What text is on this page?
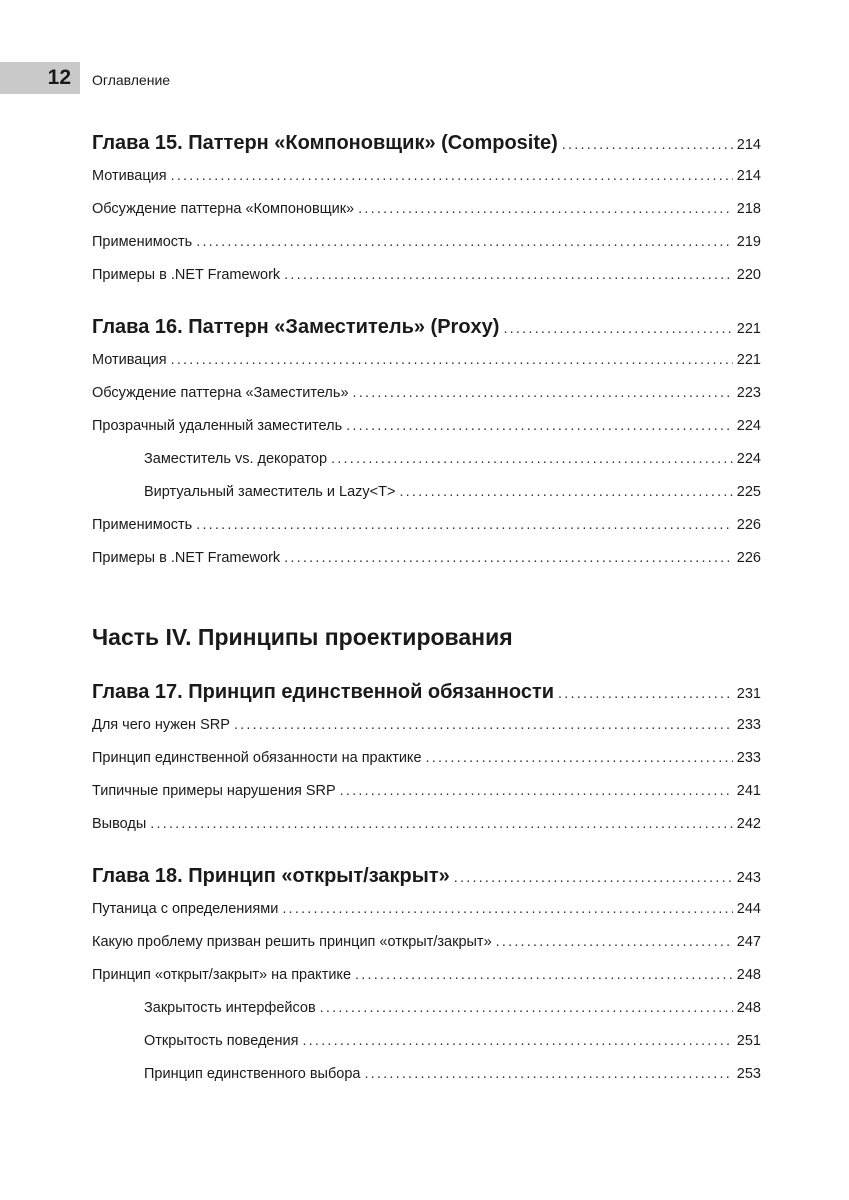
12	Оглавление
Глава 15. Паттерн «Компоновщик» (Composite) .....	214
Мотивация .....	214
Обсуждение паттерна «Компоновщик» .....	218
Применимость .....	219
Примеры в .NET Framework .....	220
Глава 16. Паттерн «Заместитель» (Proxy) .....	221
Мотивация .....	221
Обсуждение паттерна «Заместитель» .....	223
Прозрачный удаленный заместитель .....	224
Заместитель vs. декоратор .....	224
Виртуальный заместитель и Lazy<T> .....	225
Применимость .....	226
Примеры в .NET Framework .....	226
Часть IV. Принципы проектирования
Глава 17. Принцип единственной обязанности .....	231
Для чего нужен SRP .....	233
Принцип единственной обязанности на практике .....	233
Типичные примеры нарушения SRP .....	241
Выводы .....	242
Глава 18. Принцип «открыт/закрыт» .....	243
Путаница с определениями .....	244
Какую проблему призван решить принцип «открыт/закрыт» .....	247
Принцип «открыт/закрыт» на практике .....	248
Закрытость интерфейсов .....	248
Открытость поведения .....	251
Принцип единственного выбора .....	253
